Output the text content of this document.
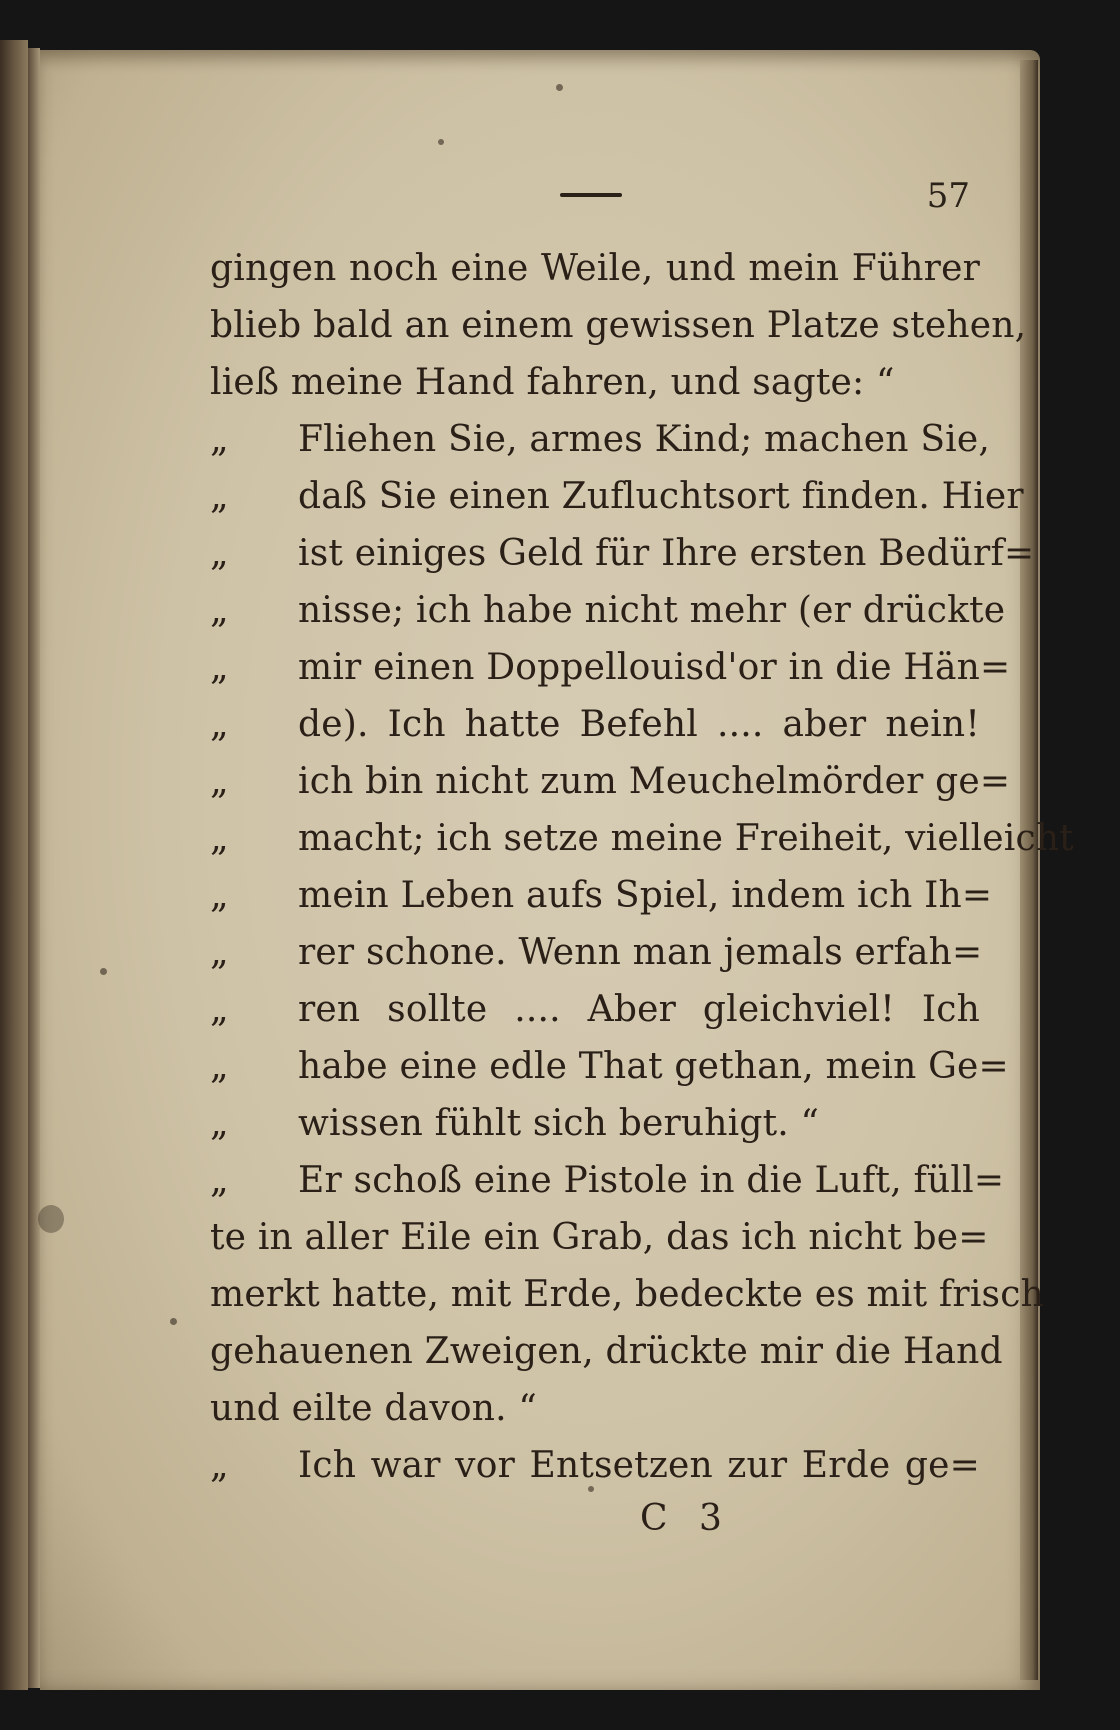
57
gingen noch eine Weile, und mein Führer
blieb bald an einem gewissen Platze stehen,
ließ meine Hand fahren, und sagte: “
„ Fliehen Sie, armes Kind; machen Sie,
„ daß Sie einen Zufluchtsort finden. Hier
„ ist einiges Geld für Ihre ersten Bedürf=
„ nisse; ich habe nicht mehr (er drückte
„ mir einen Doppellouisd'or in die Hän=
„ de). Ich hatte Befehl .... aber nein!
„ ich bin nicht zum Meuchelmörder ge=
„ macht; ich setze meine Freiheit, vielleicht
„ mein Leben aufs Spiel, indem ich Ih=
„ rer schone. Wenn man jemals erfah=
„ ren sollte .... Aber gleichviel! Ich
„ habe eine edle That gethan, mein Ge=
„ wissen fühlt sich beruhigt. “
„ Er schoß eine Pistole in die Luft, füll=
te in aller Eile ein Grab, das ich nicht be=
merkt hatte, mit Erde, bedeckte es mit frisch
gehauenen Zweigen, drückte mir die Hand
und eilte davon. “
„ Ich war vor Entsetzen zur Erde ge=
C 3
